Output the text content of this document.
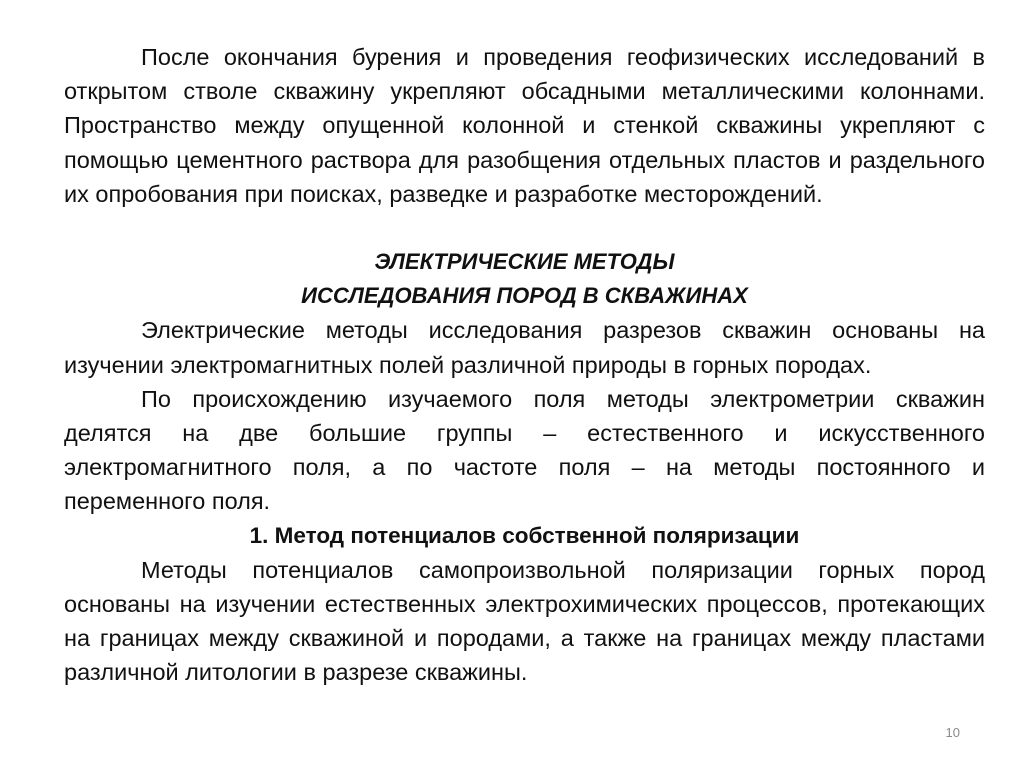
После окончания бурения и проведения геофизических исследований в открытом стволе скважину укрепляют обсадными металлическими колоннами. Пространство между опущенной колонной и стенкой скважины укрепляют с помощью цементного раствора для разобщения отдельных пластов и раздельного их опробования при поисках, разведке и разработке месторождений.

ЭЛЕКТРИЧЕСКИЕ МЕТОДЫ
ИССЛЕДОВАНИЯ ПОРОД В СКВАЖИНАХ

Электрические методы исследования разрезов скважин основаны на изучении электромагнитных полей различной природы в горных породах.

По происхождению изучаемого поля методы электрометрии скважин делятся на две большие группы – естественного и искусственного электромагнитного поля, а по частоте поля – на методы постоянного и переменного поля.

1. Метод потенциалов собственной поляризации

Методы потенциалов самопроизвольной поляризации горных пород основаны на изучении естественных электрохимических процессов, протекающих на границах между скважиной и породами, а также на границах между пластами различной литологии в разрезе скважины.

10
